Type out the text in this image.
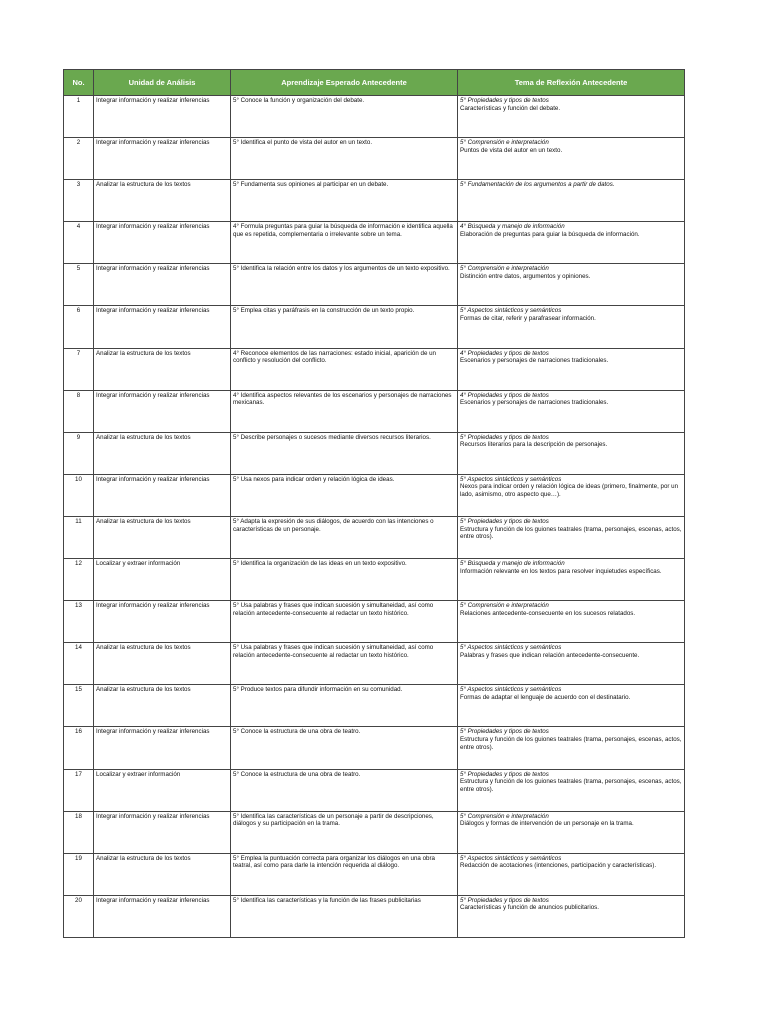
No.	Unidad de Análisis	Aprendizaje Esperado Antecedente	Tema de Reflexión Antecedente
1	Integrar información y realizar inferencias	5° Conoce la función y organización del debate.	5° Propiedades y tipos de textos
Características y función del debate.

2	Integrar información y realizar inferencias	5° Identifica el punto de vista del autor en un texto.	5° Comprensión e interpretación
Puntos de vista del autor en un texto.

3	Analizar la estructura de los textos	5° Fundamenta sus opiniones al participar en un debate.	5° Fundamentación de los argumentos a partir de datos.

4	Integrar información y realizar inferencias	4° Formula preguntas para guiar la búsqueda de información e identifica aquella que es repetida, complementaria o irrelevante sobre un tema.	4° Búsqueda y manejo de información
Elaboración de preguntas para guiar la búsqueda de información.

5	Integrar información y realizar inferencias	5° Identifica la relación entre los datos y los argumentos de un texto expositivo.	5° Comprensión e interpretación
Distinción entre datos, argumentos y opiniones.

6	Integrar información y realizar inferencias	5° Emplea citas y paráfrasis en la construcción de un texto propio.	5° Aspectos sintácticos y semánticos
Formas de citar, referir y parafrasear información.

7	Analizar la estructura de los textos	4° Reconoce elementos de las narraciones: estado inicial, aparición de un conflicto y resolución del conflicto.	4° Propiedades y tipos de textos
Escenarios y personajes de narraciones tradicionales.

8	Integrar información y realizar inferencias	4° Identifica aspectos relevantes de los escenarios y personajes de narraciones mexicanas.	4° Propiedades y tipos de textos
Escenarios y personajes de narraciones tradicionales.

9	Analizar la estructura de los textos	5° Describe personajes o sucesos mediante diversos recursos literarios.	5° Propiedades y tipos de textos
Recursos literarios para la descripción de personajes.

10	Integrar información y realizar inferencias	5° Usa nexos para indicar orden y relación lógica de ideas.	5° Aspectos sintácticos y semánticos
Nexos para indicar orden y relación lógica de ideas (primero, finalmente, por un lado, asimismo, otro aspecto que…).

11	Analizar la estructura de los textos	5° Adapta la expresión de sus diálogos, de acuerdo con las intenciones o características de un personaje.	5° Propiedades y tipos de textos
Estructura y función de los guiones teatrales (trama, personajes, escenas, actos, entre otros).

12	Localizar y extraer información	5° Identifica la organización de las ideas en un texto expositivo.	5° Búsqueda y manejo de información
Información relevante en los textos para resolver inquietudes específicas.

13	Integrar información y realizar inferencias	5° Usa palabras y frases que indican sucesión y simultaneidad, así como relación antecedente-consecuente al redactar un texto histórico.	5° Comprensión e interpretación
Relaciones antecedente-consecuente en los sucesos relatados.

14	Analizar la estructura de los textos	5° Usa palabras y frases que indican sucesión y simultaneidad, así como relación antecedente-consecuente al redactar un texto histórico.	5° Aspectos sintácticos y semánticos
Palabras y frases que indican relación antecedente-consecuente.

15	Analizar la estructura de los textos	5° Produce textos para difundir información en su comunidad.	5° Aspectos sintácticos y semánticos
Formas de adaptar el lenguaje de acuerdo con el destinatario.

16	Integrar información y realizar inferencias	5° Conoce la estructura de una obra de teatro.	5° Propiedades y tipos de textos
Estructura y función de los guiones teatrales (trama, personajes, escenas, actos, entre otros).

17	Localizar y extraer información	5° Conoce la estructura de una obra de teatro.	5° Propiedades y tipos de textos
Estructura y función de los guiones teatrales (trama, personajes, escenas, actos, entre otros).

18	Integrar información y realizar inferencias	5° Identifica las características de un personaje a partir de descripciones, diálogos y su participación en la trama.	5° Comprensión e interpretación
Diálogos y formas de intervención de un personaje en la trama.

19	Analizar la estructura de los textos	5° Emplea la puntuación correcta para organizar los diálogos en una obra teatral, así como para darle la intención requerida al diálogo.	5° Aspectos sintácticos y semánticos
Redacción de acotaciones (intenciones, participación y características).

20	Integrar información y realizar inferencias	5° Identifica las características y la función de las frases publicitarias	5° Propiedades y tipos de textos
Características y función de anuncios publicitarios.
